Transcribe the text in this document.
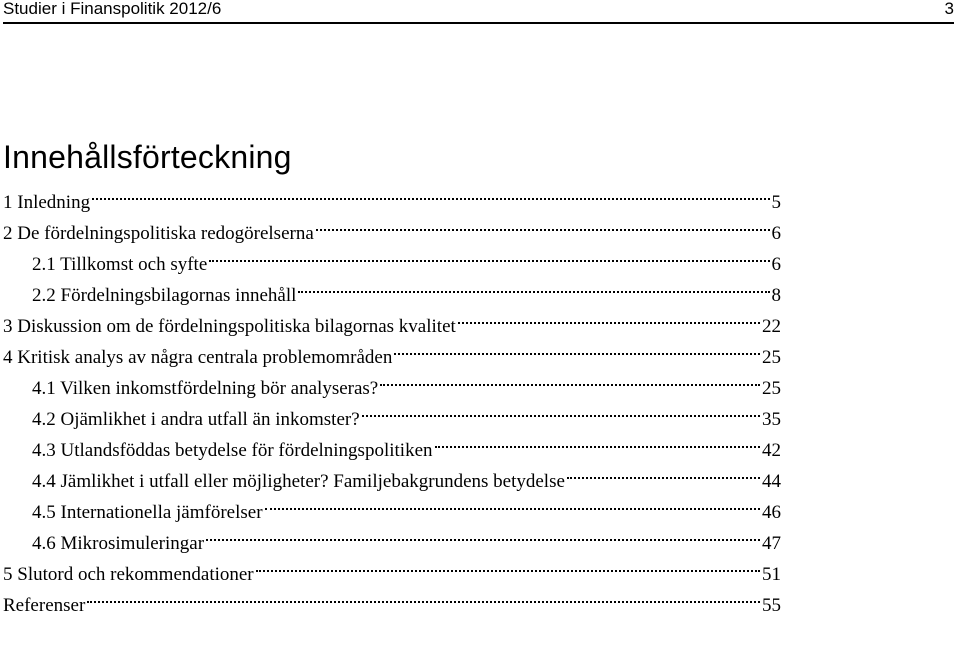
Studier i Finanspolitik 2012/6	3
Innehållsförteckning
1 Inledning	5
2 De fördelningspolitiska redogörelserna	6
2.1 Tillkomst och syfte	6
2.2 Fördelningsbilagornas innehåll	8
3 Diskussion om de fördelningspolitiska bilagornas kvalitet	22
4 Kritisk analys av några centrala problemområden	25
4.1 Vilken inkomstfördelning bör analyseras?	25
4.2 Ojämlikhet i andra utfall än inkomster?	35
4.3 Utlandsföddas betydelse för fördelningspolitiken	42
4.4 Jämlikhet i utfall eller möjligheter? Familjebakgrundens betydelse	44
4.5 Internationella jämförelser	46
4.6 Mikrosimuleringar	47
5 Slutord och rekommendationer	51
Referenser	55
